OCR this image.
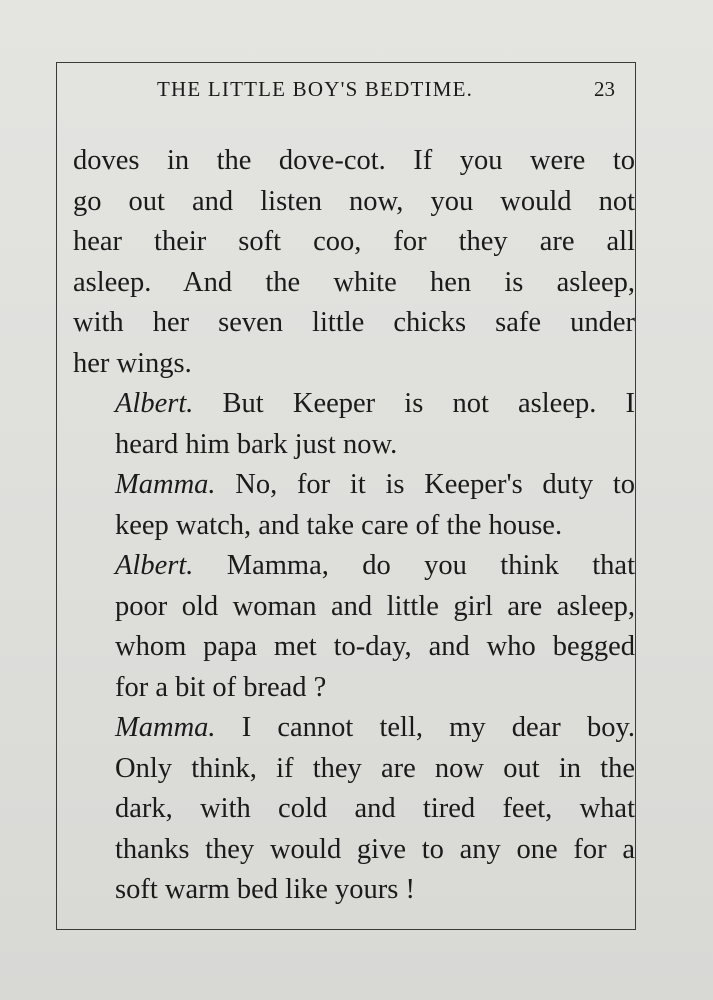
THE LITTLE BOY'S BEDTIME.	23

doves in the dove-cot. If you were to
go out and listen now, you would not
hear their soft coo, for they are all
asleep. And the white hen is asleep,
with her seven little chicks safe under
her wings.

Albert. But Keeper is not asleep. I
heard him bark just now.

Mamma. No, for it is Keeper's duty to
keep watch, and take care of the house.

Albert. Mamma, do you think that
poor old woman and little girl are asleep,
whom papa met to-day, and who begged
for a bit of bread ?

Mamma. I cannot tell, my dear boy.
Only think, if they are now out in the
dark, with cold and tired feet, what
thanks they would give to any one for a
soft warm bed like yours !
